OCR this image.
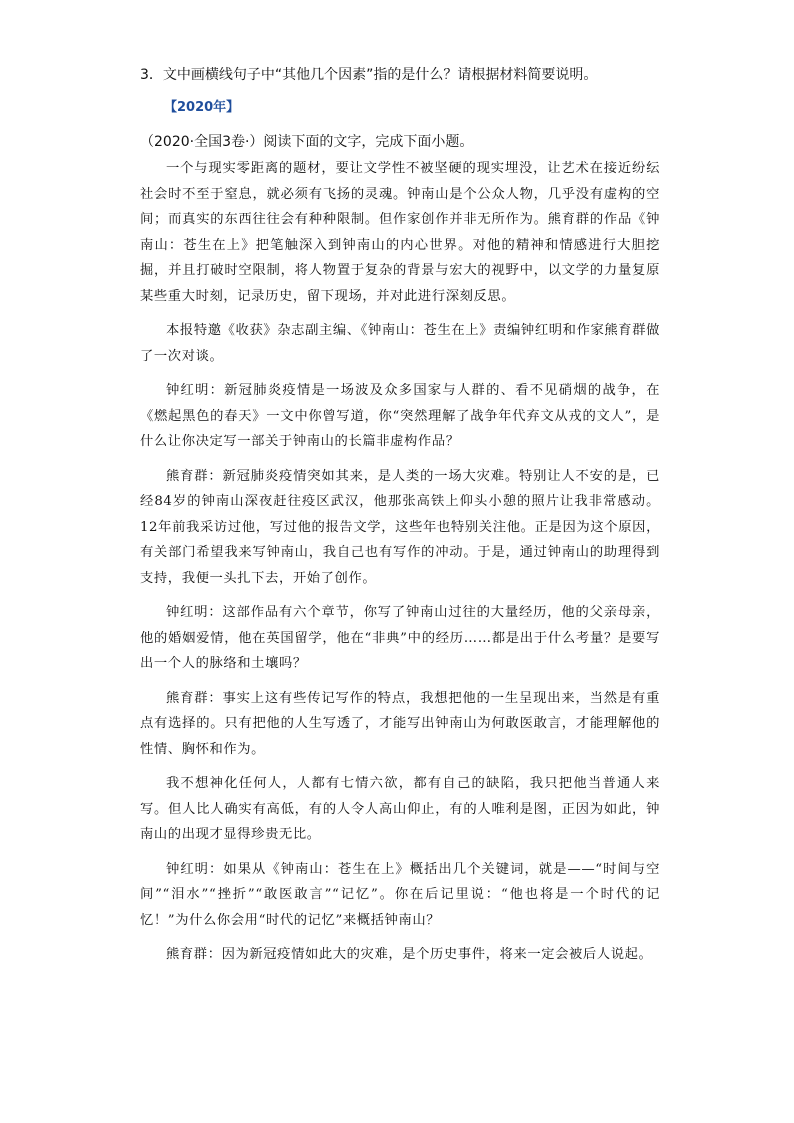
3．文中画横线句子中“其他几个因素”指的是什么？请根据材料简要说明。
【2020年】
（2020·全国3卷·）阅读下面的文字，完成下面小题。

一个与现实零距离的题材，要让文学性不被坚硬的现实埋没，让艺术在接近纷纭社会时不至于窒息，就必须有飞扬的灵魂。钟南山是个公众人物，几乎没有虚构的空间；而真实的东西往往会有种种限制。但作家创作并非无所作为。熊育群的作品《钟南山：苍生在上》把笔触深入到钟南山的内心世界。对他的精神和情感进行大胆挖掘，并且打破时空限制，将人物置于复杂的背景与宏大的视野中，以文学的力量复原某些重大时刻，记录历史，留下现场，并对此进行深刻反思。

本报特邀《收获》杂志副主编、《钟南山：苍生在上》责编钟红明和作家熊育群做了一次对谈。

钟红明：新冠肺炎疫情是一场波及众多国家与人群的、看不见硝烟的战争，在《燃起黑色的春天》一文中你曾写道，你“突然理解了战争年代弃文从戎的文人”，是什么让你决定写一部关于钟南山的长篇非虚构作品？

熊育群：新冠肺炎疫情突如其来，是人类的一场大灾难。特别让人不安的是，已经84岁的钟南山深夜赶往疫区武汉，他那张高铁上仰头小憩的照片让我非常感动。12年前我采访过他，写过他的报告文学，这些年也特别关注他。正是因为这个原因，有关部门希望我来写钟南山，我自己也有写作的冲动。于是，通过钟南山的助理得到支持，我便一头扎下去，开始了创作。

钟红明：这部作品有六个章节，你写了钟南山过往的大量经历，他的父亲母亲，他的婚姻爱情，他在英国留学，他在“非典”中的经历……都是出于什么考量？是要写出一个人的脉络和土壤吗？

熊育群：事实上这有些传记写作的特点，我想把他的一生呈现出来，当然是有重点有选择的。只有把他的人生写透了，才能写出钟南山为何敢医敢言，才能理解他的性情、胸怀和作为。

我不想神化任何人，人都有七情六欲，都有自己的缺陷，我只把他当普通人来写。但人比人确实有高低，有的人令人高山仰止，有的人唯利是图，正因为如此，钟南山的出现才显得珍贵无比。

钟红明：如果从《钟南山：苍生在上》概括出几个关键词，就是——“时间与空间”“泪水”“挫折”“敢医敢言”“记忆”。你在后记里说：“他也将是一个时代的记忆！”为什么你会用“时代的记忆”来概括钟南山？

熊育群：因为新冠疫情如此大的灾难，是个历史事件，将来一定会被后人说起。
